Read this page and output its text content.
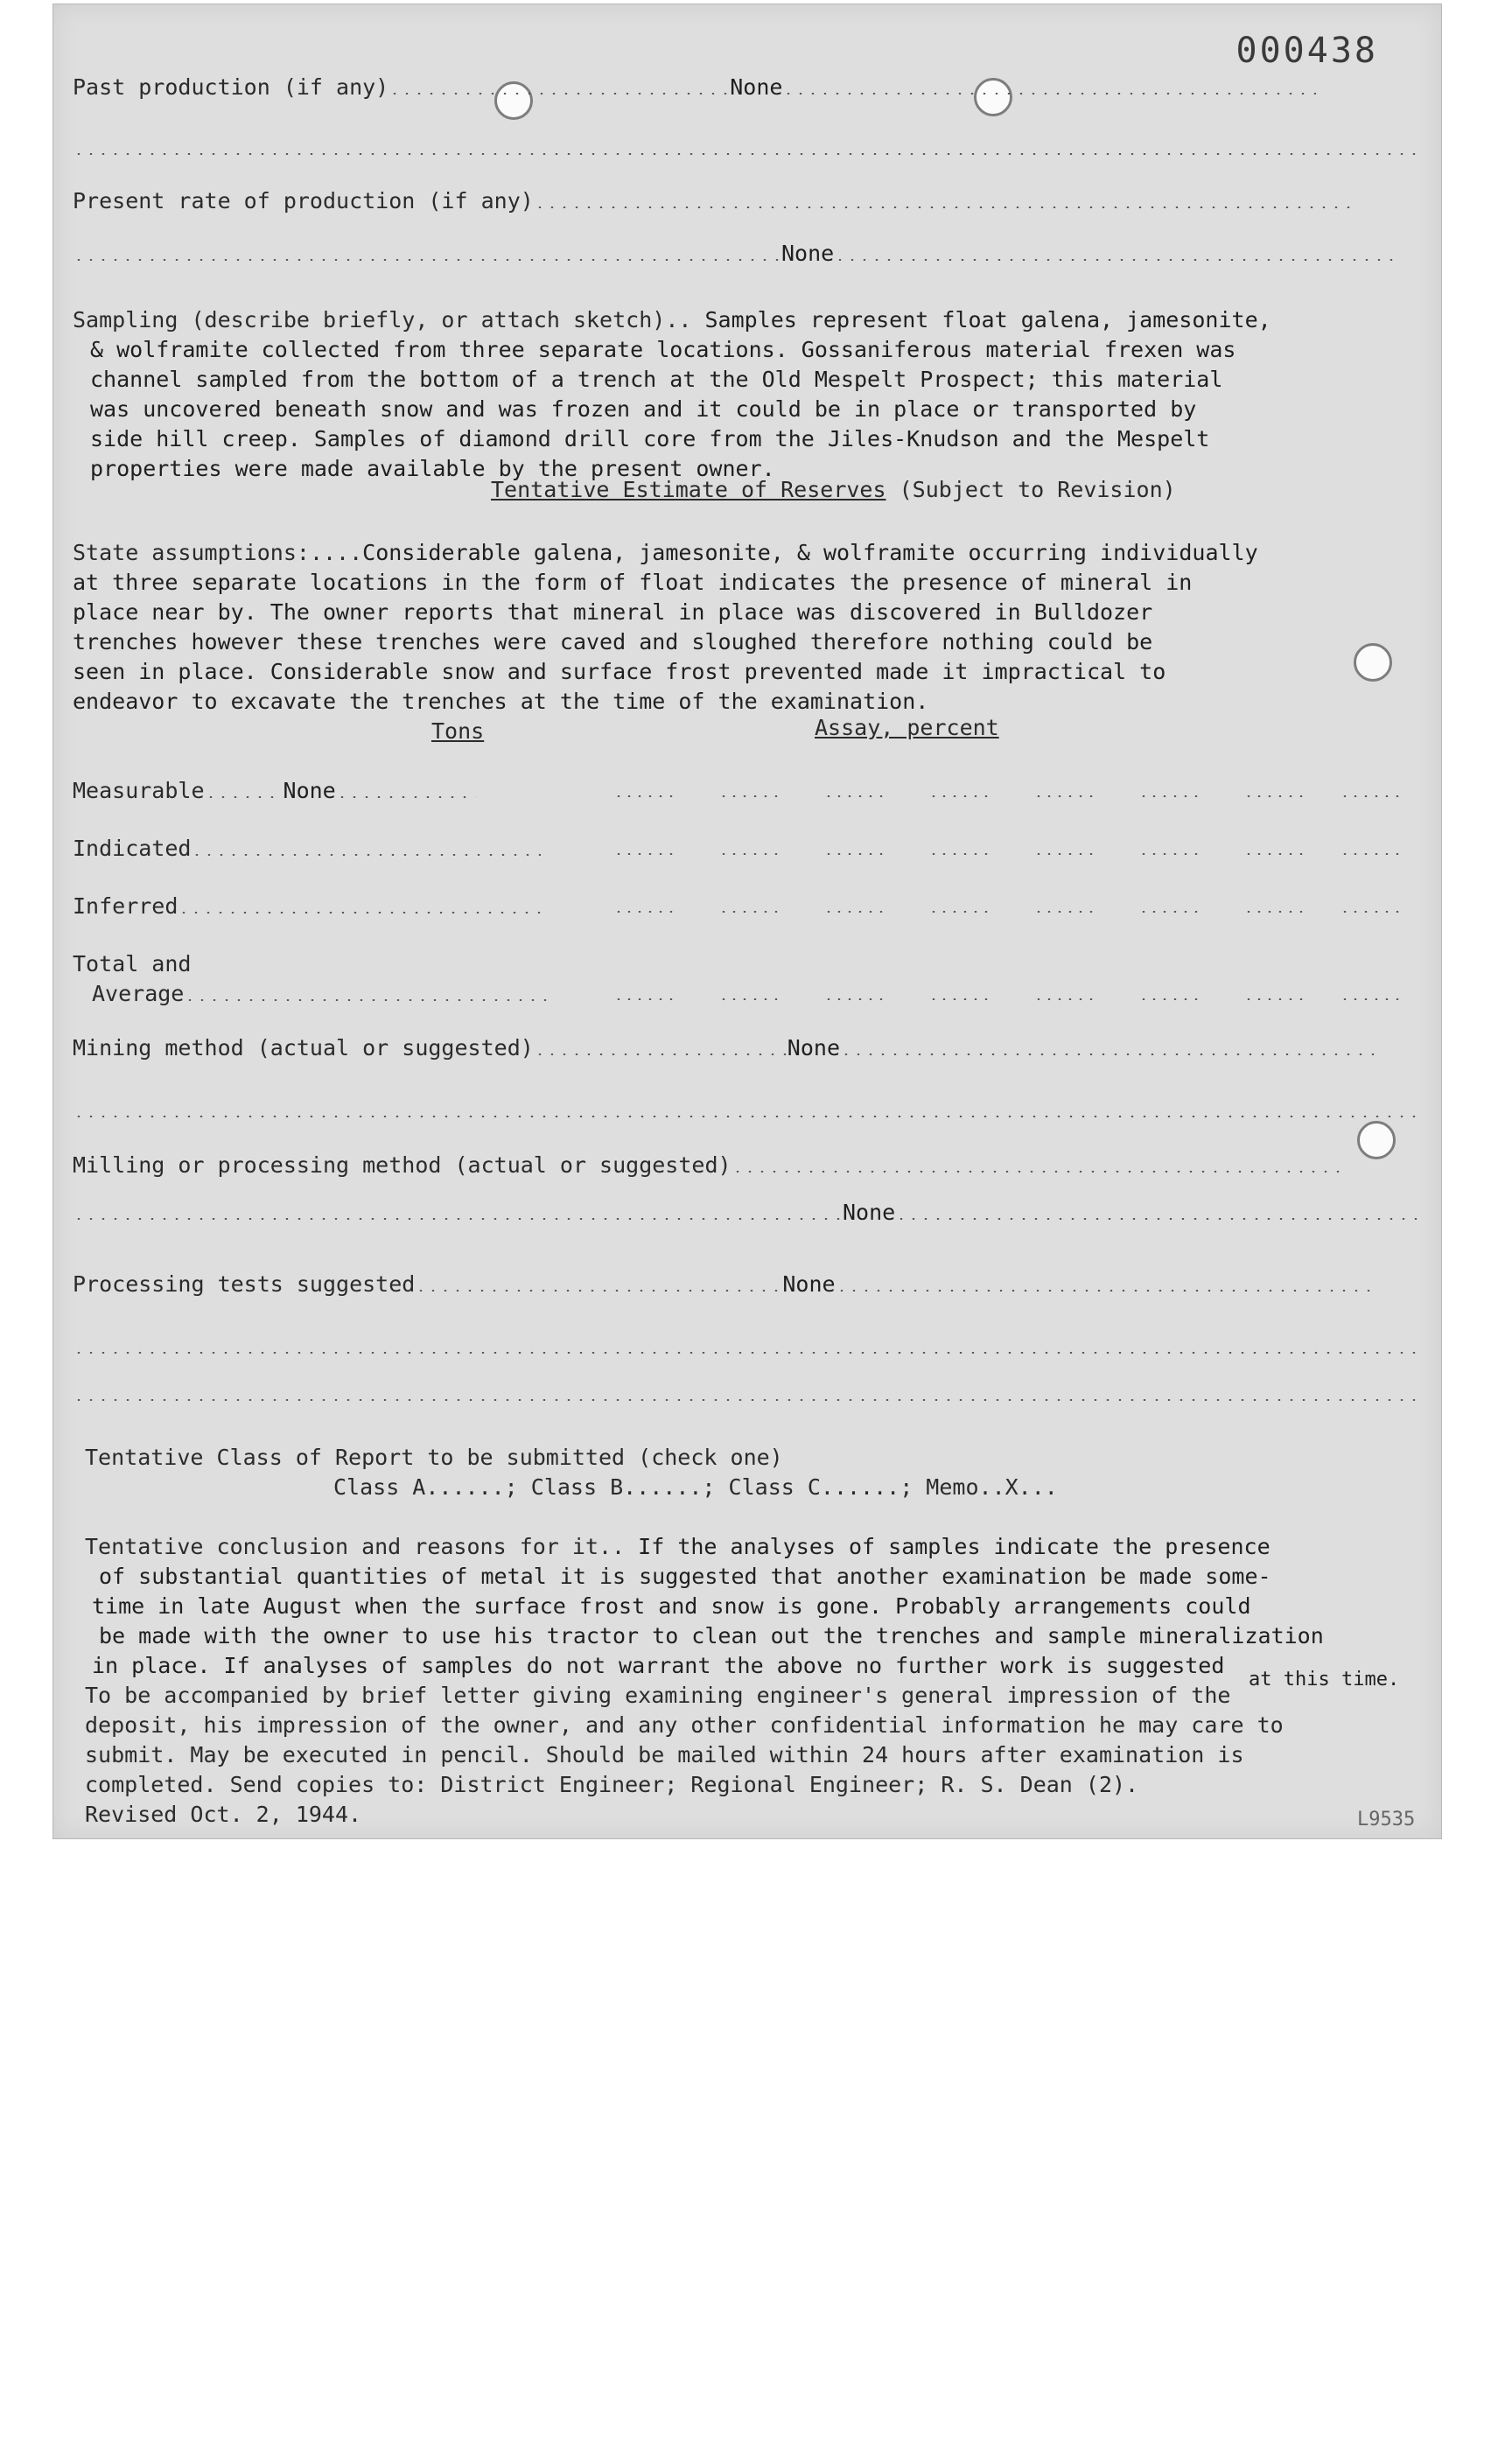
000438
Past production (if any)	None
Present rate of production (if any)
None
Sampling (describe briefly, or attach sketch).. Samples represent float galena, jamesonite,
& wolframite collected from three separate locations. Gossaniferous material frexen was
channel sampled from the bottom of a trench at the Old Mespelt Prospect; this material
was uncovered beneath snow and was frozen and it could be in place or transported by
side hill creep. Samples of diamond drill core from the Jiles-Knudson and the Mespelt
properties were made available by the present owner.
Tentative Estimate of Reserves (Subject to Revision)
State assumptions:....Considerable galena, jamesonite, & wolframite occurring individually
at three separate locations in the form of float indicates the presence of mineral in
place near by. The owner reports that mineral in place was discovered in Bulldozer
trenches however these trenches were caved and sloughed therefore nothing could be
seen in place. Considerable snow and surface frost prevented made it impractical to
endeavor to excavate the trenches at the time of the examination.
Tons	Assay, percent
Measurable	None
Indicated
Inferred
Total and
Average
Mining method (actual or suggested)	None
Milling or processing method (actual or suggested)
None
Processing tests suggested	None
Tentative Class of Report to be submitted (check one)
Class A......; Class B......; Class C......; Memo..X...
Tentative conclusion and reasons for it.. If the analyses of samples indicate the presence
of substantial quantities of metal it is suggested that another examination be made some-
time in late August when the surface frost and snow is gone. Probably arrangements could
be made with the owner to use his tractor to clean out the trenches and sample mineralization
in place. If analyses of samples do not warrant the above no further work is suggested
at this time.
To be accompanied by brief letter giving examining engineer's general impression of the
deposit, his impression of the owner, and any other confidential information he may care to
submit. May be executed in pencil. Should be mailed within 24 hours after examination is
completed. Send copies to: District Engineer; Regional Engineer; R. S. Dean (2).
Revised Oct. 2, 1944.	L9535
